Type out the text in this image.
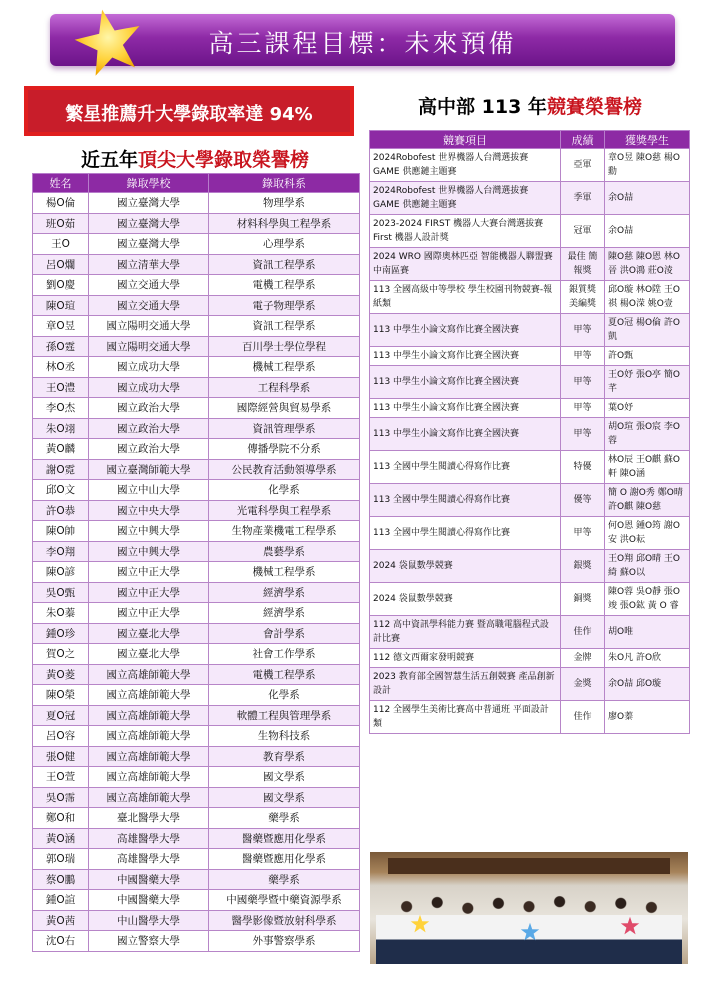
高三課程目標：未來預備
繁星推薦升大學錄取率達 94%
近五年頂尖大學錄取榮譽榜
姓名	錄取學校	錄取科系
楊O倫	國立臺灣大學	物理學系
班O茹	國立臺灣大學	材料科學與工程學系
王O	國立臺灣大學	心理學系
呂O爛	國立清華大學	資訊工程學系
劉O慶	國立交通大學	電機工程學系
陳O瑄	國立交通大學	電子物理學系
章O昱	國立陽明交通大學	資訊工程學系
孫O霆	國立陽明交通大學	百川學士學位學程
林O丞	國立成功大學	機械工程學系
王O澧	國立成功大學	工程科學系
李O杰	國立政治大學	國際經營與貿易學系
朱O翊	國立政治大學	資訊管理學系
黃O麟	國立政治大學	傳播學院不分系
謝O霓	國立臺灣師範大學	公民教育活動領導學系
邱O文	國立中山大學	化學系
許O恭	國立中央大學	光電科學與工程學系
陳O帥	國立中興大學	生物產業機電工程學系
李O翔	國立中興大學	農藝學系
陳O諺	國立中正大學	機械工程學系
吳O甄	國立中正大學	經濟學系
朱O蓁	國立中正大學	經濟學系
鍾O珍	國立臺北大學	會計學系
賀O之	國立臺北大學	社會工作學系
黃O菱	國立高雄師範大學	電機工程學系
陳O榮	國立高雄師範大學	化學系
夏O冠	國立高雄師範大學	軟體工程與管理學系
呂O容	國立高雄師範大學	生物科技系
張O健	國立高雄師範大學	教育學系
王O萱	國立高雄師範大學	國文學系
吳O霈	國立高雄師範大學	國文學系
鄭O和	臺北醫學大學	藥學系
黃O涵	高雄醫學大學	醫藥暨應用化學系
郭O瑞	高雄醫學大學	醫藥暨應用化學系
蔡O鵬	中國醫藥大學	藥學系
鍾O諠	中國醫藥大學	中國藥學暨中藥資源學系
黃O茜	中山醫學大學	醫學影像暨放射科學系
沈O右	國立警察大學	外事警察學系
高中部 113 年競賽榮譽榜
競賽項目	成績	獲獎學生
2024Robofest 世界機器人台灣選拔賽 GAME 供應鏈主題賽	亞軍	章O昱 陳O慈 楊O勳
2024Robofest 世界機器人台灣選拔賽 GAME 供應鏈主題賽	季軍	余O喆
2023-2024 FIRST 機器人大賽台灣選拔賽 First 機器人設計獎	冠軍	余O喆
2024 WRO 國際奧林匹亞 智能機器人聯盟賽中南區賽	最佳 簡報獎	陳O慈 陳O恩 林O晉 洪O鴻 莊O淩
113 全國高級中等學校 學生校園刊物競賽-報紙類	銀質獎 美編獎	邱O璇 林O陞 王O祺 楊O溁 姚O壹
113 中學生小論文寫作比賽全國決賽	甲等	夏O冠 楊O倫 許O凱
113 中學生小論文寫作比賽全國決賽	甲等	許O甄
113 中學生小論文寫作比賽全國決賽	甲等	王O妤 張O亭 簡O芊
113 中學生小論文寫作比賽全國決賽	甲等	葉O妤
113 中學生小論文寫作比賽全國決賽	甲等	胡O瑄 張O宸 李O蓉
113 全國中學生閱讀心得寫作比賽	特優	林O辰 王O麒 蘇O軒 陳O涵
113 全國中學生閱讀心得寫作比賽	優等	簡 O 謝O秀 鄭O晴 許O麒 陳O慈
113 全國中學生閱讀心得寫作比賽	甲等	何O恩 鍾O筠 謝O安 洪O耘
2024 袋鼠數學競賽	銀獎	王O翔 邱O晴 王O綺 蘇O以
2024 袋鼠數學競賽	銅獎	陳O蓉 吳O靜 張O竣 張O鈜 黃 O 睿
112 高中資訊學科能力賽 暨高職電腦程式設計比賽	佳作	胡O唯
112 德文西爾家發明競賽	金牌	朱O凡 許O欣
2023 教育部全國智慧生活五創競賽 產品創新設計	金獎	余O喆 邱O璇
112 全國學生美術比賽高中普通班 平面設計類	佳作	廖O蓁
